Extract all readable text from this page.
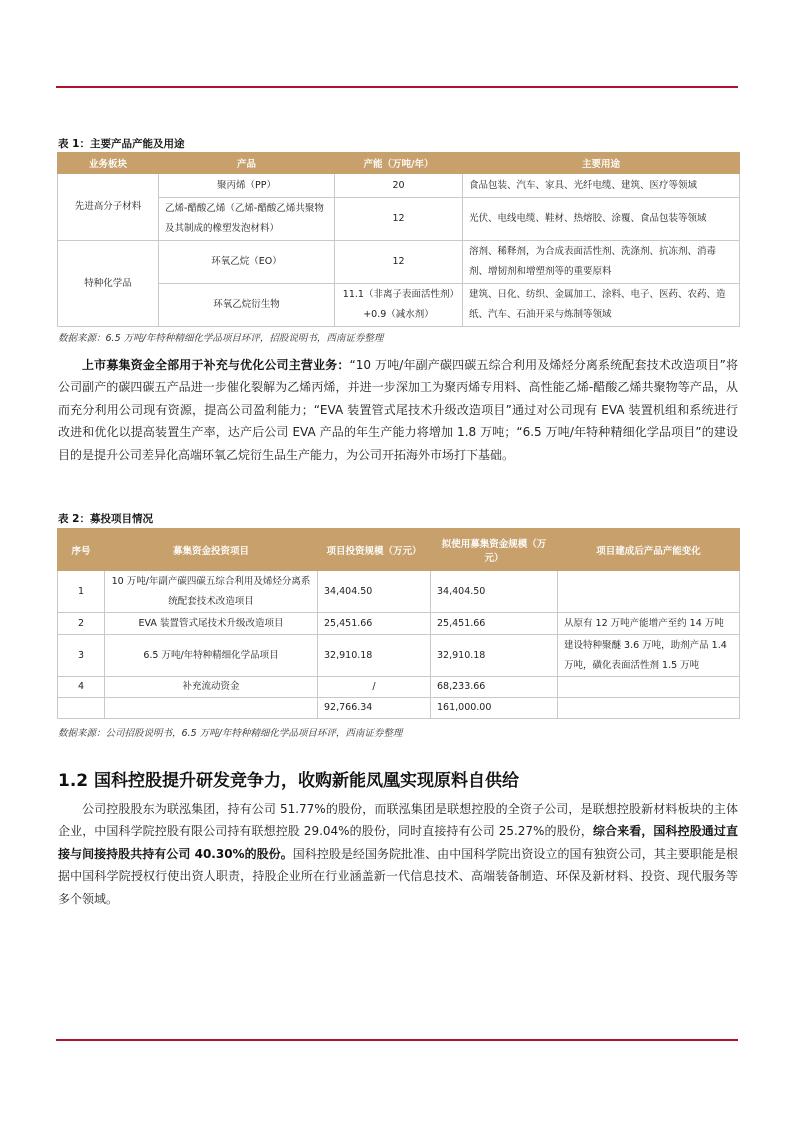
表 1：主要产品产能及用途
业务板块	产品	产能（万吨/年）	主要用途
先进高分子材料	聚丙烯（PP）	20	食品包装、汽车、家具、光纤电缆、建筑、医疗等领域
	乙烯-醋酸乙烯（乙烯-醋酸乙烯共聚物及其制成的橡塑发泡材料）	12	光伏、电线电缆、鞋材、热熔胶、涂覆、食品包装等领域
特种化学品	环氧乙烷（EO）	12	溶剂、稀释剂，为合成表面活性剂、洗涤剂、抗冻剂、消毒剂、增韧剂和增塑剂等的重要原料
	环氧乙烷衍生物	11.1（非离子表面活性剂）+0.9（减水剂）	建筑、日化、纺织、金属加工、涂料、电子、医药、农药、造纸、汽车、石油开采与炼制等领域
数据来源：6.5 万吨/年特种精细化学品项目环评，招股说明书，西南证券整理

上市募集资金全部用于补充与优化公司主营业务：“10 万吨/年副产碳四碳五综合利用及烯烃分离系统配套技术改造项目”将公司副产的碳四碳五产品进一步催化裂解为乙烯丙烯，并进一步深加工为聚丙烯专用料、高性能乙烯-醋酸乙烯共聚物等产品，从而充分利用公司现有资源，提高公司盈利能力；“EVA 装置管式尾技术升级改造项目”通过对公司现有 EVA 装置机组和系统进行改进和优化以提高装置生产率，达产后公司 EVA 产品的年生产能力将增加 1.8 万吨；“6.5 万吨/年特种精细化学品项目”的建设目的是提升公司差异化高端环氧乙烷衍生品生产能力，为公司开拓海外市场打下基础。

表 2：募投项目情况
序号	募集资金投资项目	项目投资规模（万元）	拟使用募集资金规模（万元）	项目建成后产品产能变化
1	10 万吨/年副产碳四碳五综合利用及烯烃分离系统配套技术改造项目	34,404.50	34,404.50	
2	EVA 装置管式尾技术升级改造项目	25,451.66	25,451.66	从原有 12 万吨产能增产至约 14 万吨
3	6.5 万吨/年特种精细化学品项目	32,910.18	32,910.18	建设特种聚醚 3.6 万吨，助剂产品 1.4 万吨，磺化表面活性剂 1.5 万吨
4	补充流动资金	/	68,233.66	
		92,766.34	161,000.00	
数据来源：公司招股说明书，6.5 万吨/年特种精细化学品项目环评，西南证券整理
1.2 国科控股提升研发竞争力，收购新能凤凰实现原料自供给

公司控股股东为联泓集团，持有公司 51.77%的股份，而联泓集团是联想控股的全资子公司，是联想控股新材料板块的主体企业，中国科学院控股有限公司持有联想控股 29.04%的股份，同时直接持有公司 25.27%的股份，综合来看，国科控股通过直接与间接持股共持有公司 40.30%的股份。国科控股是经国务院批准、由中国科学院出资设立的国有独资公司，其主要职能是根据中国科学院授权行使出资人职责，持股企业所在行业涵盖新一代信息技术、高端装备制造、环保及新材料、投资、现代服务等多个领域。
